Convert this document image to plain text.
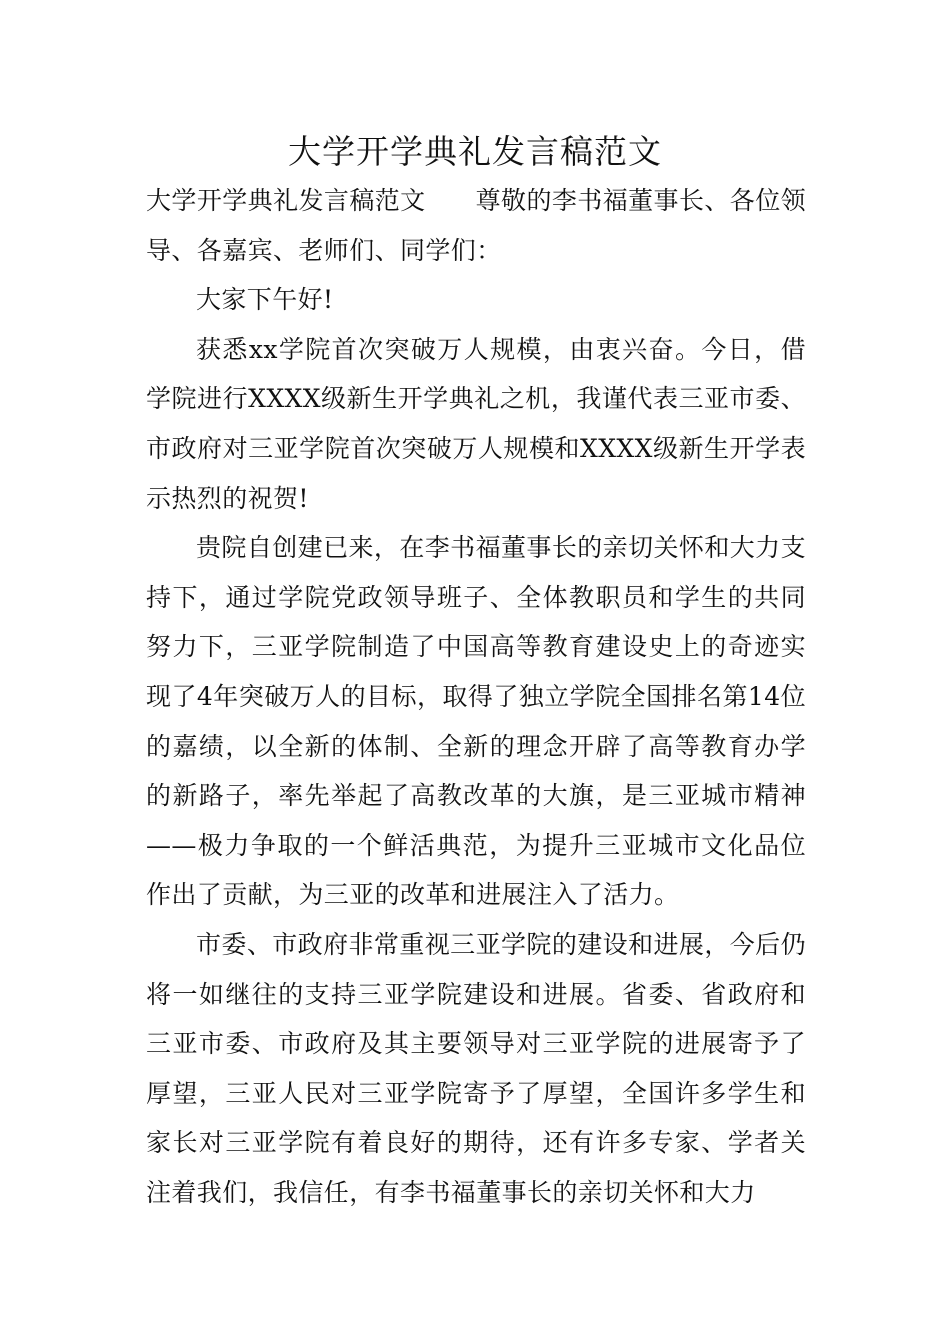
大学开学典礼发言稿范文

大学开学典礼发言稿范文 尊敬的李书福董事长、各位领导、各嘉宾、老师们、同学们：

大家下午好!

获悉xx学院首次突破万人规模，由衷兴奋。今日，借学院进行XXXX级新生开学典礼之机，我谨代表三亚市委、市政府对三亚学院首次突破万人规模和XXXX级新生开学表示热烈的祝贺!

贵院自创建已来，在李书福董事长的亲切关怀和大力支持下，通过学院党政领导班子、全体教职员和学生的共同努力下，三亚学院制造了中国高等教育建设史上的奇迹实现了4年突破万人的目标，取得了独立学院全国排名第14位的嘉绩，以全新的体制、全新的理念开辟了高等教育办学的新路子，率先举起了高教改革的大旗，是三亚城市精神——极力争取的一个鲜活典范，为提升三亚城市文化品位作出了贡献，为三亚的改革和进展注入了活力。

市委、市政府非常重视三亚学院的建设和进展，今后仍将一如继往的支持三亚学院建设和进展。省委、省政府和三亚市委、市政府及其主要领导对三亚学院的进展寄予了厚望，三亚人民对三亚学院寄予了厚望，全国许多学生和家长对三亚学院有着良好的期待，还有许多专家、学者关注着我们，我信任，有李书福董事长的亲切关怀和大力
